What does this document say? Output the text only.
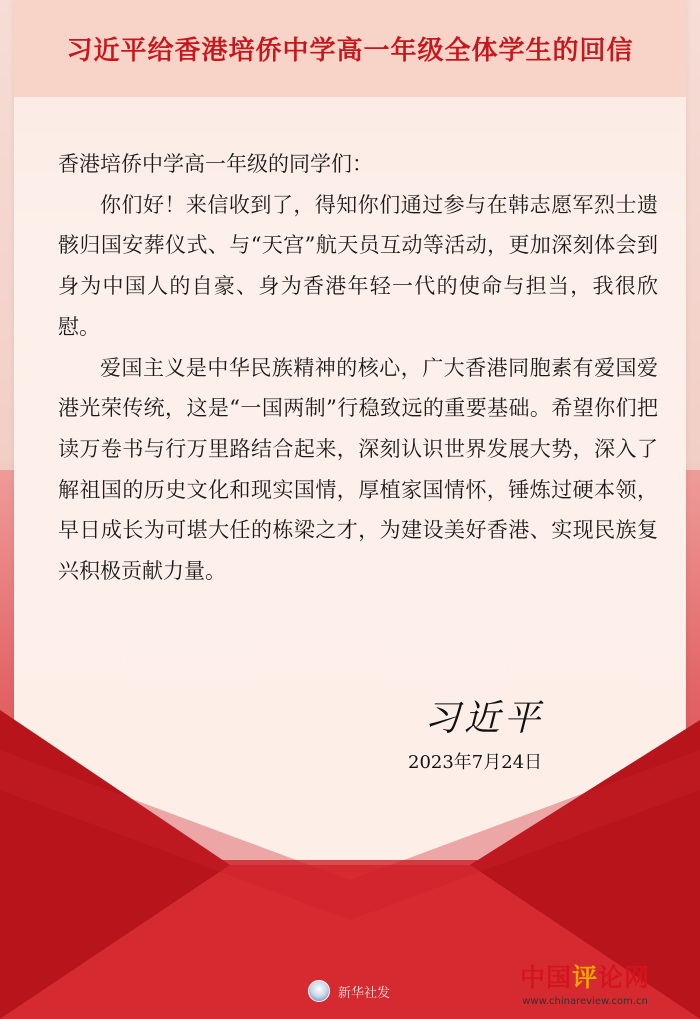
习近平给香港培侨中学高一年级全体学生的回信
香港培侨中学高一年级的同学们：
你们好！来信收到了，得知你们通过参与在韩志愿军烈士遗骸归国安葬仪式、与“天宫”航天员互动等活动，更加深刻体会到身为中国人的自豪、身为香港年轻一代的使命与担当，我很欣慰。
爱国主义是中华民族精神的核心，广大香港同胞素有爱国爱港光荣传统，这是“一国两制”行稳致远的重要基础。希望你们把读万卷书与行万里路结合起来，深刻认识世界发展大势，深入了解祖国的历史文化和现实国情，厚植家国情怀，锤炼过硬本领，早日成长为可堪大任的栋梁之才，为建设美好香港、实现民族复兴积极贡献力量。
习近平
2023年7月24日
新华社发
中国评论网
www.chinareview.com.cn
